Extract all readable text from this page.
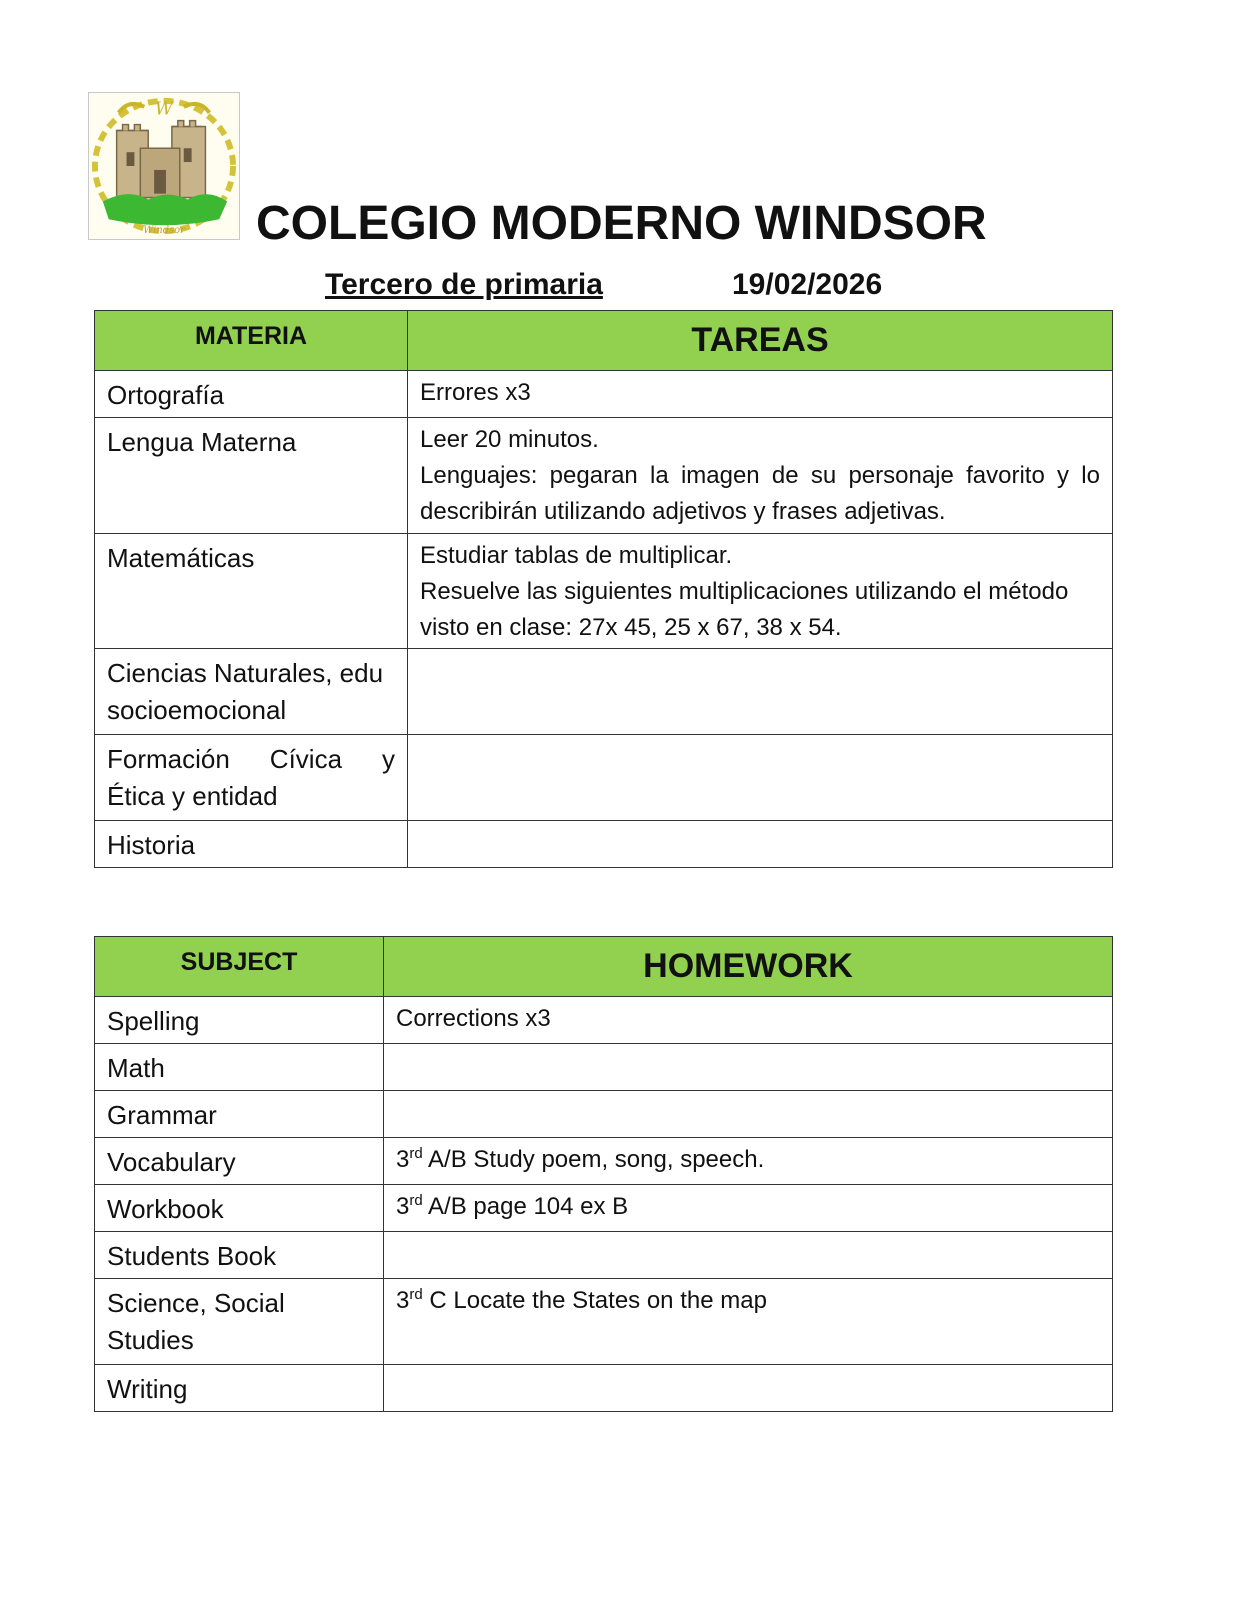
W
Windsor COLEGIO MODERNO WINDSOR
Tercero de primaria	19/02/2026
MATERIA	TAREAS

Ortografía	Errores x3

Lengua Materna	Leer 20 minutos.
Lenguajes: pegaran la imagen de su personaje favorito y lo
describirán utilizando adjetivos y frases adjetivas.

Matemáticas	Estudiar tablas de multiplicar.
Resuelve las siguientes multiplicaciones utilizando el método
visto en clase: 27x 45, 25 x 67, 38 x 54.

Ciencias Naturales, edu
socioemocional	

Formación Cívica y
Ética y entidad	

Historia	

SUBJECT	HOMEWORK

Spelling	Corrections x3

Math	

Grammar	

Vocabulary	3rd A/B Study poem, song, speech.

Workbook	3rd A/B page 104 ex B

Students Book	

Science, Social
Studies	3rd C Locate the States on the map

Writing	
